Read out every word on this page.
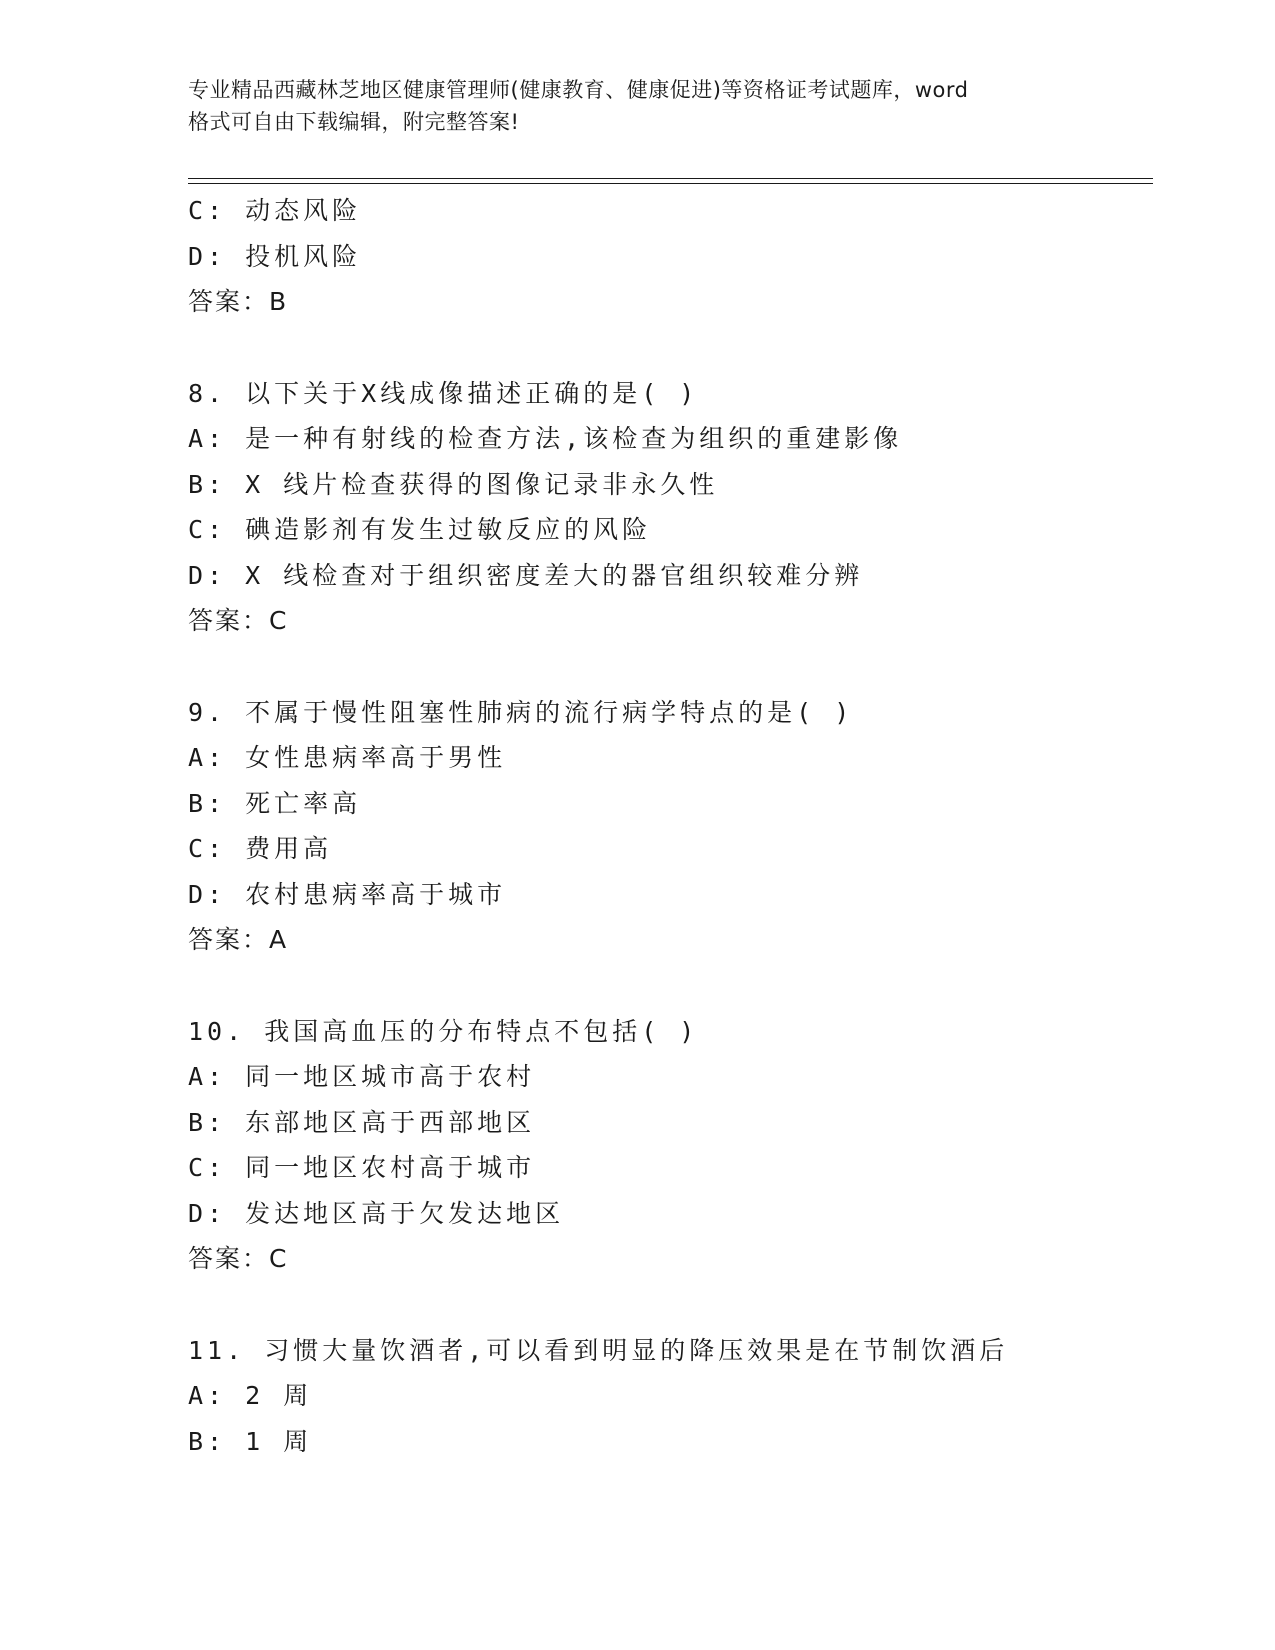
专业精品西藏林芝地区健康管理师(健康教育、健康促进)等资格证考试题库，word
格式可自由下载编辑，附完整答案!
C: 动态风险
D: 投机风险
答案：B
8. 以下关于X线成像描述正确的是( )
A: 是一种有射线的检查方法,该检查为组织的重建影像
B: X 线片检查获得的图像记录非永久性
C: 碘造影剂有发生过敏反应的风险
D: X 线检查对于组织密度差大的器官组织较难分辨
答案：C
9. 不属于慢性阻塞性肺病的流行病学特点的是( )
A: 女性患病率高于男性
B: 死亡率高
C: 费用高
D: 农村患病率高于城市
答案：A
10. 我国高血压的分布特点不包括( )
A: 同一地区城市高于农村
B: 东部地区高于西部地区
C: 同一地区农村高于城市
D: 发达地区高于欠发达地区
答案：C
11. 习惯大量饮酒者,可以看到明显的降压效果是在节制饮酒后
A: 2 周
B: 1 周
